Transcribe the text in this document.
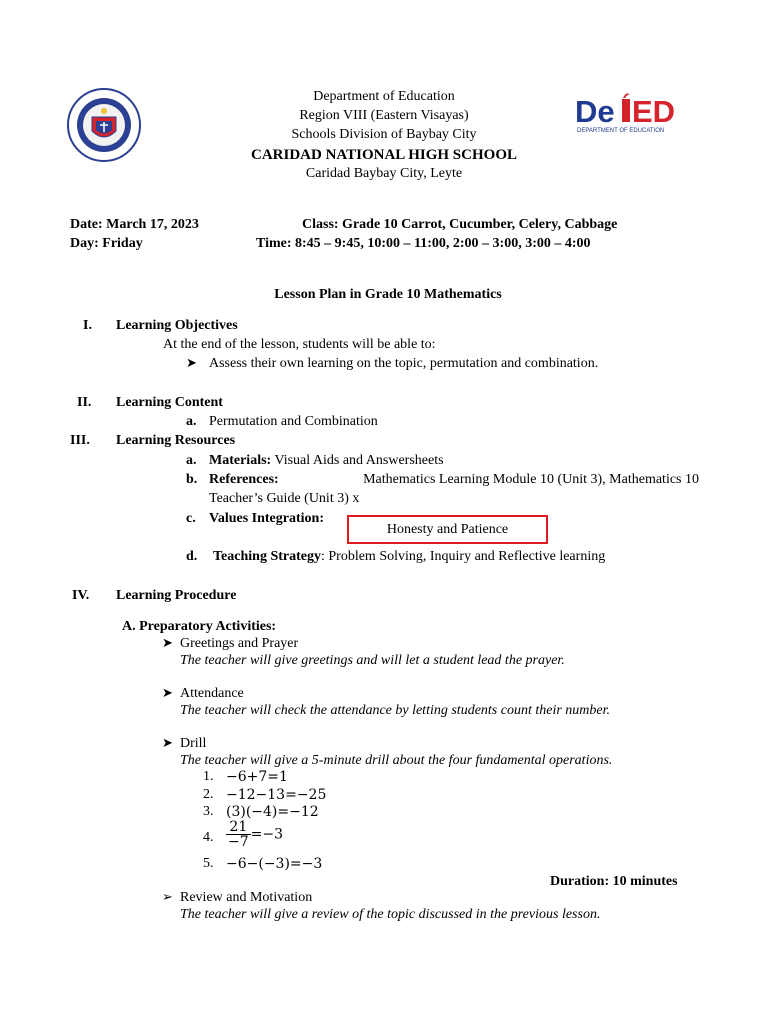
Department of Education
Region VIII (Eastern Visayas)
Schools Division of Baybay City
CARIDAD NATIONAL HIGH SCHOOL
Caridad Baybay City, Leyte
De ED
DEPARTMENT OF EDUCATION
Date: March 17, 2023	Class: Grade 10 Carrot, Cucumber, Celery, Cabbage
Day: Friday	Time: 8:45 – 9:45, 10:00 – 11:00, 2:00 – 3:00, 3:00 – 4:00
Lesson Plan in Grade 10 Mathematics
I. Learning Objectives
At the end of the lesson, students will be able to:
➤ Assess their own learning on the topic, permutation and combination.
II. Learning Content
a. Permutation and Combination
III. Learning Resources
a. Materials: Visual Aids and Answersheets
b. References:	Mathematics Learning Module 10 (Unit 3), Mathematics 10
Teacher’s Guide (Unit 3) x
c. Values Integration:
Honesty and Patience
d. Teaching Strategy: Problem Solving, Inquiry and Reflective learning
IV. Learning Procedure
A. Preparatory Activities:
➤ Greetings and Prayer
The teacher will give greetings and will let a student lead the prayer.
➤ Attendance
The teacher will check the attendance by letting students count their number.
➤ Drill
The teacher will give a 5-minute drill about the four fundamental operations.
1. −6+7=1
2. −12−13=−25
3. (3)(−4)=−12
4. $\frac{21}{-7} =-3$
5. −6−(−3)=−3
Duration: 10 minutes
➢ Review and Motivation
The teacher will give a review of the topic discussed in the previous lesson.
